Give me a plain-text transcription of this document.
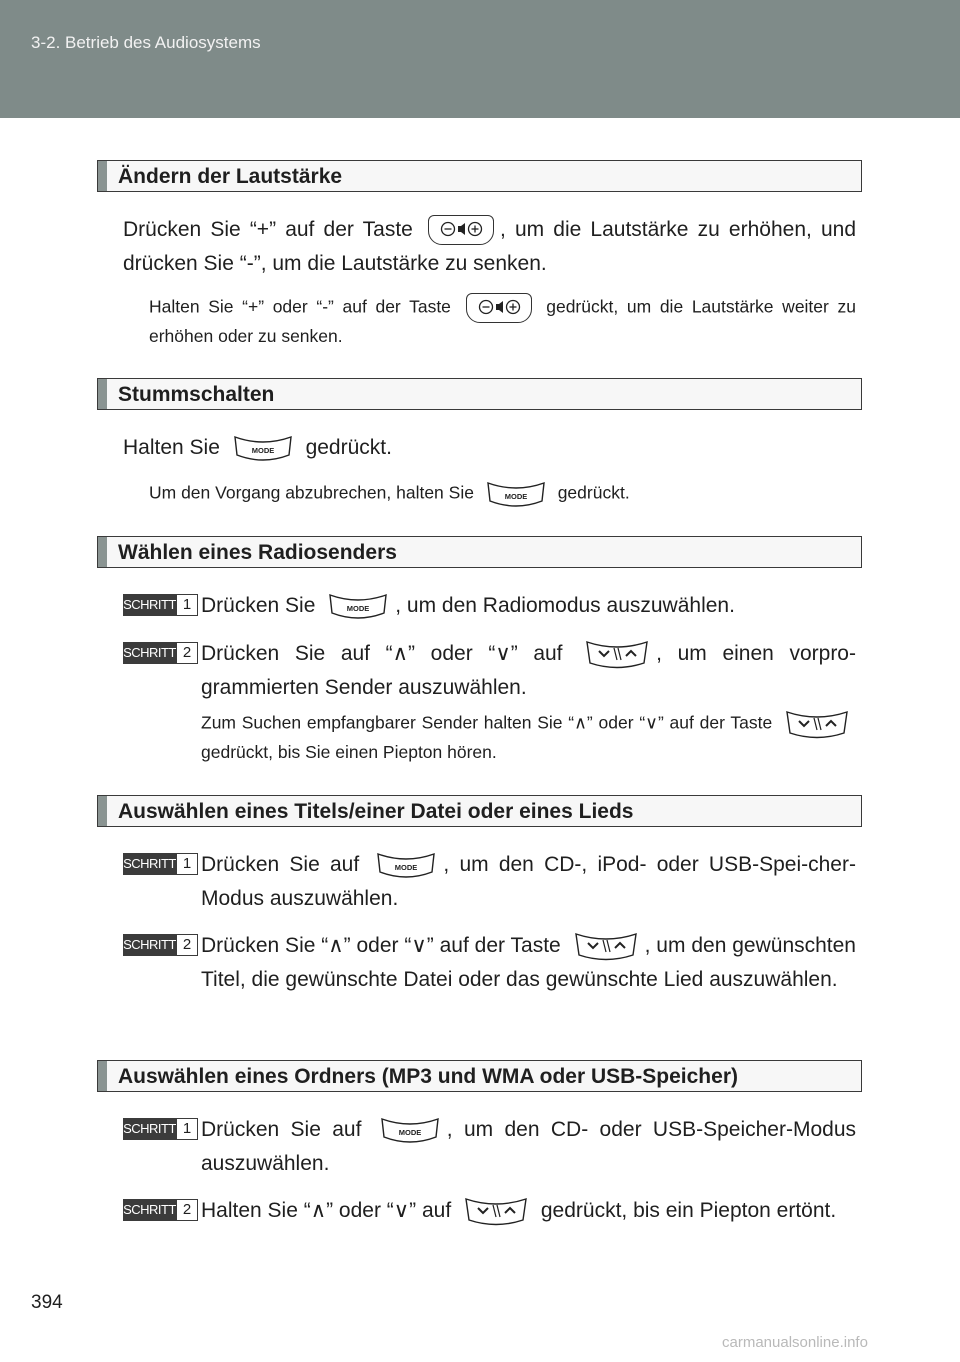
3-2. Betrieb des Audiosystems
Ändern der Lautstärke
Drücken Sie “+” auf der Taste	, um die Lautstärke zu erhöhen, und drücken Sie “-”, um die Lautstärke zu senken.
Halten Sie “+” oder “-” auf der Taste	gedrückt, um die Lautstärke weiter zu erhöhen oder zu senken.
Stummschalten
Halten Sie	gedrückt.
Um den Vorgang abzubrechen, halten Sie	gedrückt.
Wählen eines Radiosenders
SCHRITT 1 Drücken Sie	, um den Radiomodus auszuwählen.
SCHRITT 2 Drücken Sie auf “∧” oder “∨” auf	, um einen vorpro-grammierten Sender auszuwählen.
Zum Suchen empfangbarer Sender halten Sie “∧” oder “∨” auf der Taste
gedrückt, bis Sie einen Piepton hören.
Auswählen eines Titels/einer Datei oder eines Lieds
SCHRITT 1 Drücken Sie auf	, um den CD-, iPod- oder USB-Spei-cher-Modus auszuwählen.
SCHRITT 2 Drücken Sie “∧” oder “∨” auf der Taste	, um den gewünschten Titel, die gewünschte Datei oder das gewünschte Lied auszuwählen.
Auswählen eines Ordners (MP3 und WMA oder USB-Speicher)
SCHRITT 1 Drücken Sie auf	, um den CD- oder USB-Speicher-Modus auszuwählen.
SCHRITT 2 Halten Sie “∧” oder “∨” auf	gedrückt, bis ein Piepton ertönt.
394
carmanualsonline.info
